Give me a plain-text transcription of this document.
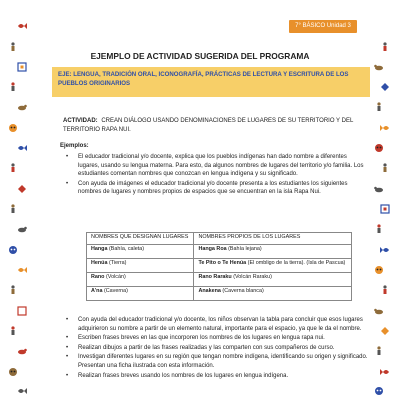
7° BÁSICO Unidad 3
EJEMPLO DE ACTIVIDAD SUGERIDA DEL PROGRAMA
EJE: LENGUA, TRADICIÓN ORAL, ICONOGRAFÍA, PRÁCTICAS DE LECTURA Y ESCRITURA DE LOS PUEBLOS ORIGINARIOS
ACTIVIDAD: CREAN DIÁLOGO USANDO DENOMINACIONES DE LUGARES DE SU TERRITORIO Y DEL TERRITORIO RAPA NUI.
Ejemplos:
• El educador tradicional y/o docente, explica que los pueblos indígenas han dado nombre a diferentes lugares, usando su lengua materna. Para esto, da algunos nombres de lugares del territorio y/o familia. Los estudiantes comentan nombres que conozcan en lengua indígena y su significado.
• Con ayuda de imágenes el educador tradicional y/o docente presenta a los estudiantes los siguientes nombres de lugares y nombres propios de espacios que se encuentran en la isla Rapa Nui.
NOMBRES QUE DESIGNAN LUGARES	NOMBRES PROPIOS DE LOS LUGARES
Hanga (Bahía, caleta)	Hanga Roa (Bahía lejana)
Henúa (Tierra)	Te Pito o Te Henúa (El ombligo de la tierra). (Isla de Pascua)
Rano (Volcán)	Rano Raraku (Volcán Raraku)
A'na (Caverna)	Anakena (Caverna blanca)
• Con ayuda del educador tradicional y/o docente, los niños observan la tabla para concluir que esos lugares adquirieron su nombre a partir de un elemento natural, importante para el espacio, ya que le da el nombre.
• Escriben frases breves en las que incorporen los nombres de los lugares en lengua rapa nui.
• Realizan dibujos a partir de las frases realizadas y las comparten con sus compañeros de curso.
• Investigan diferentes lugares en su región que tengan nombre indígena, identificando su origen y significado. Presentan una ficha ilustrada con esta información.
• Realizan frases breves usando los nombres de los lugares en lengua indígena.
